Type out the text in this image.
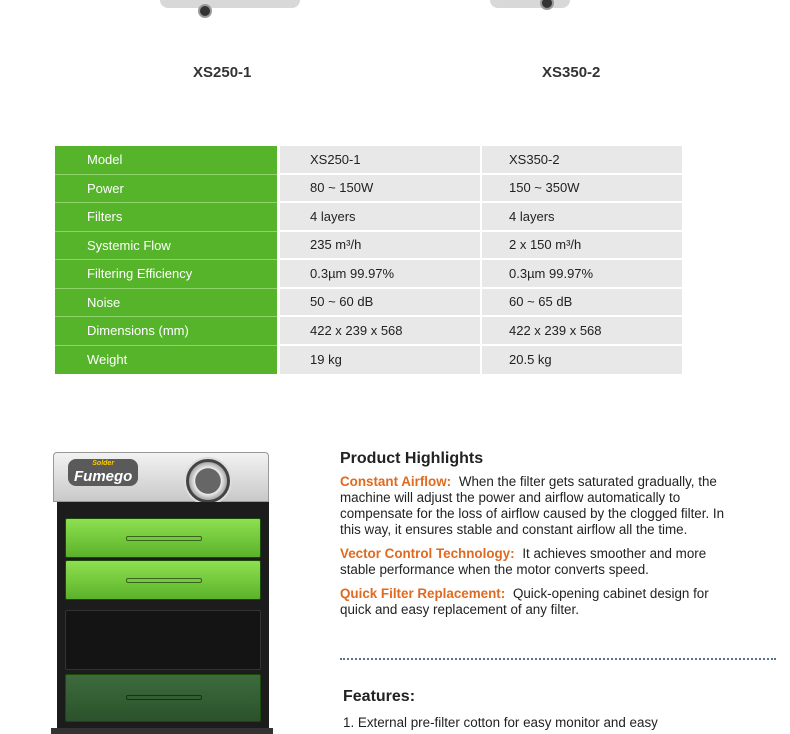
XS250-1	XS350-2
Model	XS250-1	XS350-2
Power	80 ~ 150W	150 ~ 350W
Filters	4 layers	4 layers
Systemic Flow	235 m³/h	2 x 150 m³/h
Filtering Efficiency	0.3µm 99.97%	0.3µm 99.97%
Noise	50 ~ 60 dB	60 ~ 65 dB
Dimensions (mm)	422 x 239 x 568	422 x 239 x 568
Weight	19 kg	20.5 kg
Solder
Fumego
Product Highlights

Constant Airflow: When the filter gets saturated gradually, the machine will adjust the power and airflow automatically to compensate for the loss of airflow caused by the clogged filter. In this way, it ensures stable and constant airflow all the time.

Vector Control Technology: It achieves smoother and more stable performance when the motor converts speed.

Quick Filter Replacement: Quick-opening cabinet design for quick and easy replacement of any filter.

Features:
1. External pre-filter cotton for easy monitor and easy
